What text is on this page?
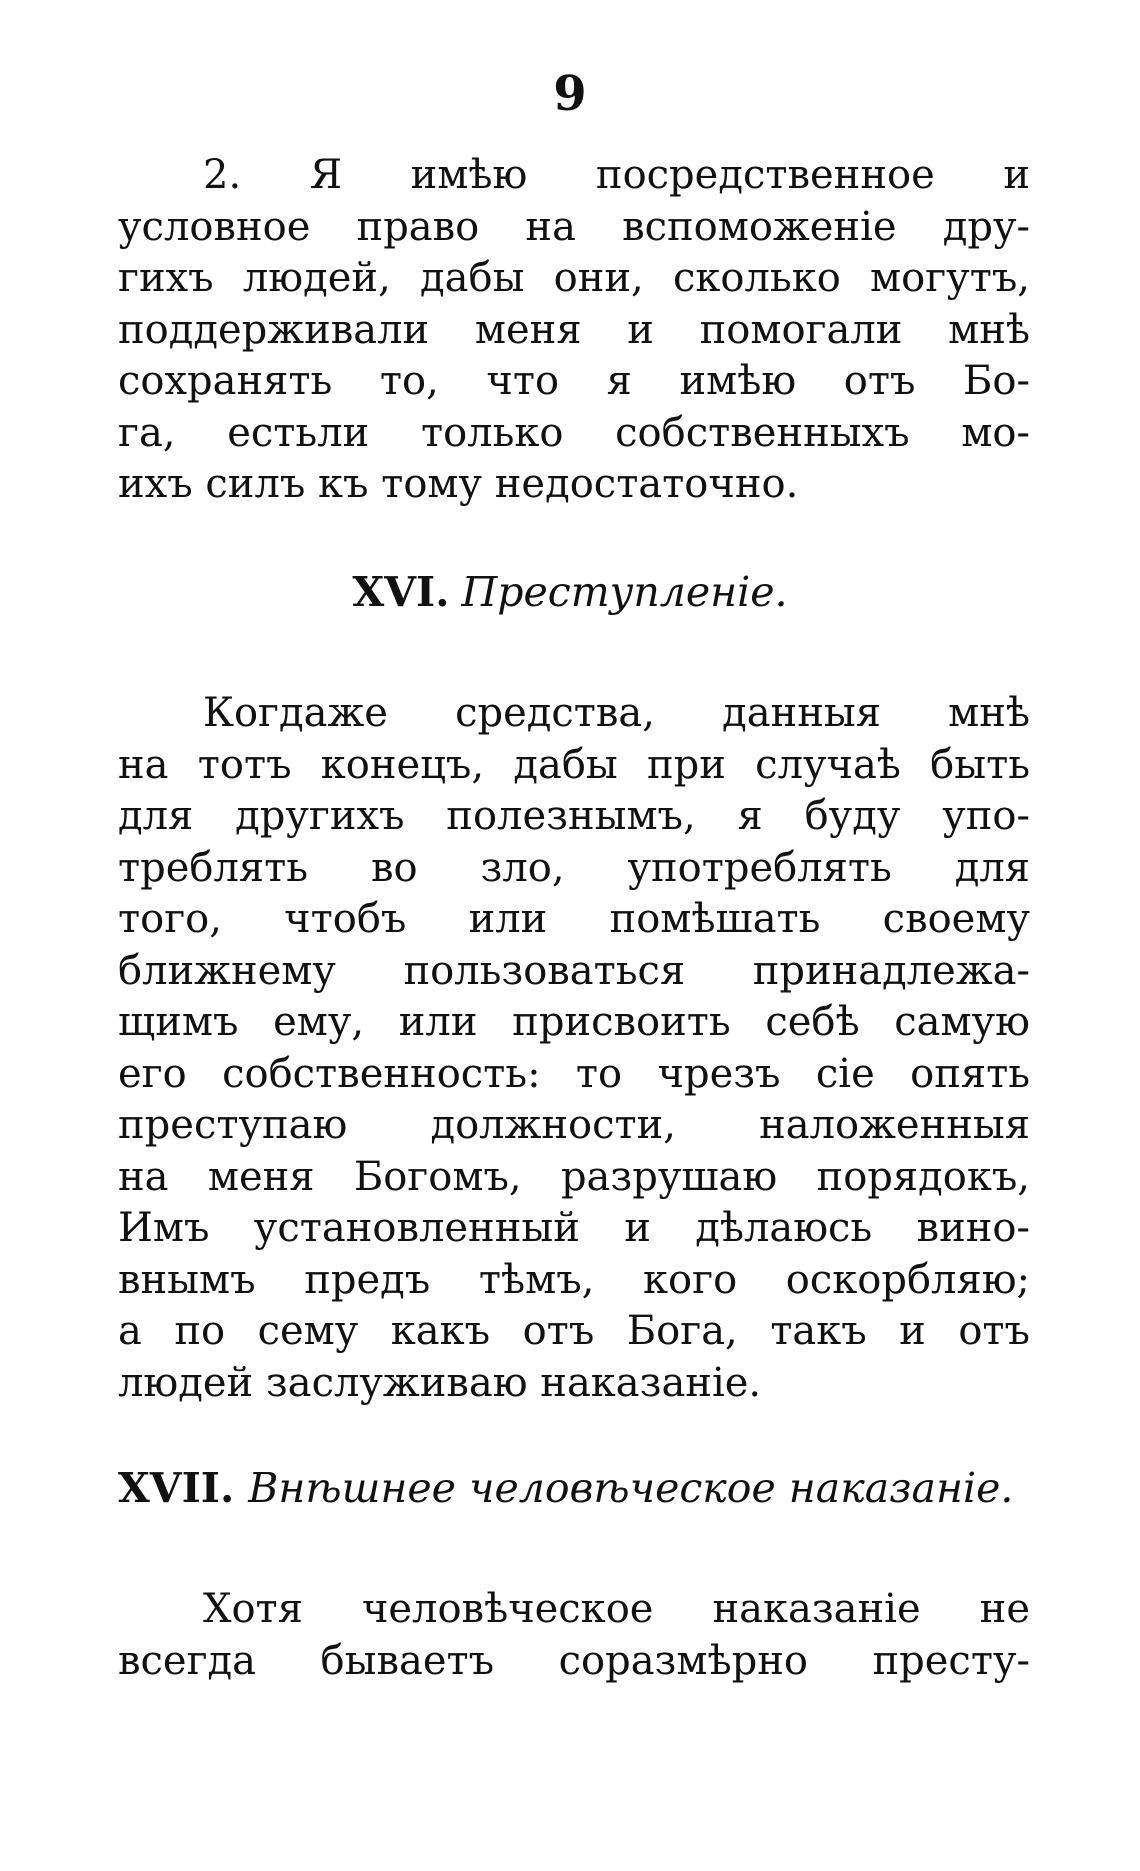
9
2. Я имѣю посредственное и
условное право на вспоможенiе дру-
гихъ людей, дабы они, сколько могутъ,
поддерживали меня и помогали мнѣ
сохранять то, что я имѣю отъ Бо-
га, естьли только собственныхъ мо-
ихъ силъ къ тому недостаточно.
XVI. Преступленiе.
Когдаже средства, данныя мнѣ
на тотъ конецъ, дабы при случаѣ быть
для другихъ полезнымъ, я буду упо-
треблять во зло, употреблять для
того, чтобъ или помѣшать своему
ближнему пользоваться принадлежа-
щимъ ему, или присвоить себѣ самую
его собственность: то чрезъ сiе опять
преступаю должности, наложенныя
на меня Богомъ, разрушаю порядокъ,
Имъ установленный и дѣлаюсь вино-
внымъ предъ тѣмъ, кого оскорбляю;
а по сему какъ отъ Бога, такъ и отъ
людей заслуживаю наказанiе.
XVII. Внѣшнее человѣческое наказанiе.
Хотя человѣческое наказанiе не
всегда бываетъ соразмѣрно престу-
